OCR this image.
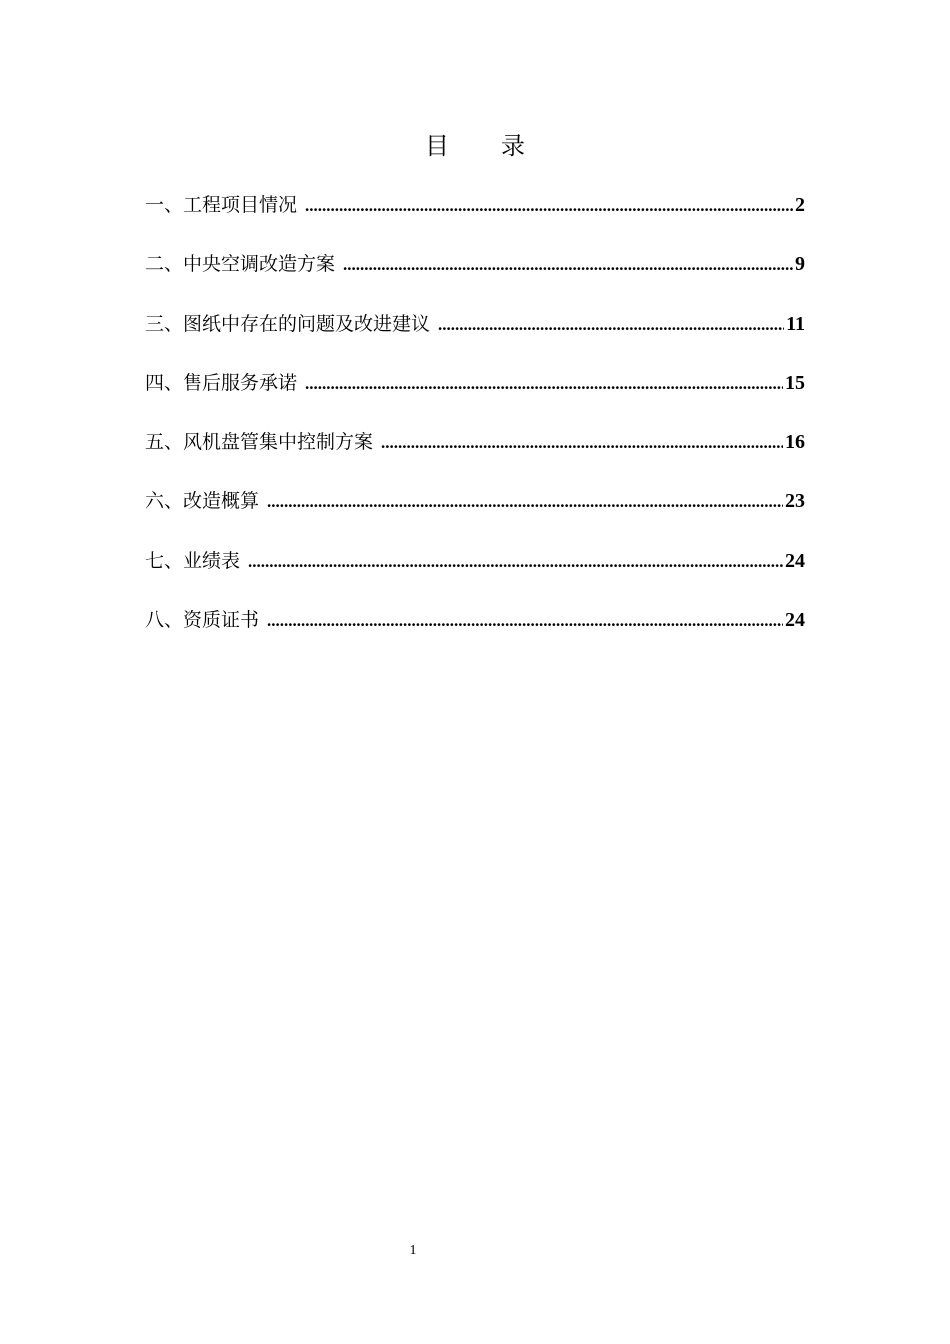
目 录
一、工程项目情况 .....	2
二、中央空调改造方案 .....	9
三、图纸中存在的问题及改进建议 .....	11
四、售后服务承诺 .....	15
五、风机盘管集中控制方案 .....	16
六、改造概算 .....	23
七、业绩表 .....	24
八、资质证书 .....	24
1
